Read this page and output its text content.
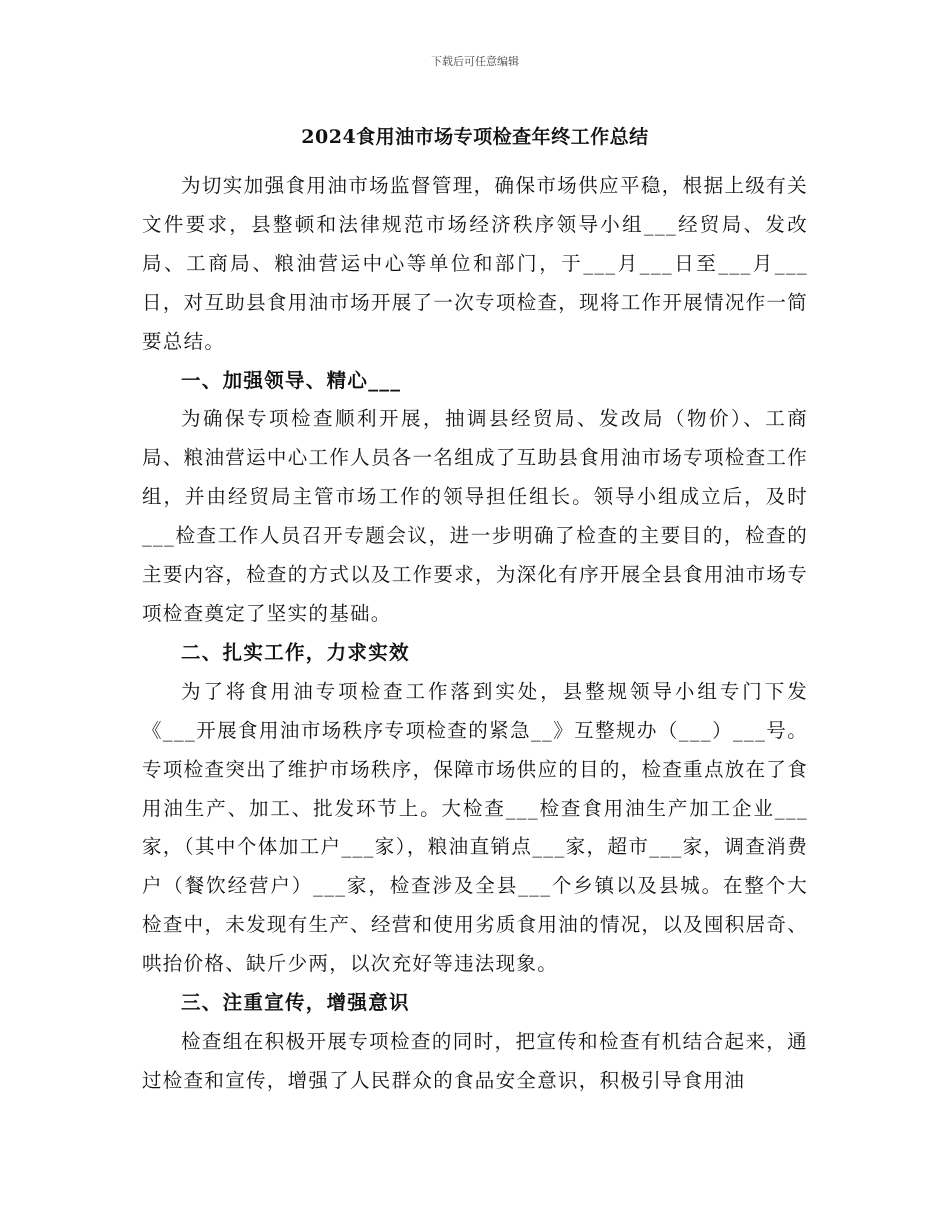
下载后可任意编辑
2024食用油市场专项检查年终工作总结

为切实加强食用油市场监督管理，确保市场供应平稳，根据上级有关文件要求，县整顿和法律规范市场经济秩序领导小组___经贸局、发改局、工商局、粮油营运中心等单位和部门，于___月___日至___月___日，对互助县食用油市场开展了一次专项检查，现将工作开展情况作一简要总结。

一、加强领导、精心___

为确保专项检查顺利开展，抽调县经贸局、发改局（物价）、工商局、粮油营运中心工作人员各一名组成了互助县食用油市场专项检查工作组，并由经贸局主管市场工作的领导担任组长。领导小组成立后，及时___检查工作人员召开专题会议，进一步明确了检查的主要目的，检查的主要内容，检查的方式以及工作要求，为深化有序开展全县食用油市场专项检查奠定了坚实的基础。

二、扎实工作，力求实效

为了将食用油专项检查工作落到实处，县整规领导小组专门下发《___开展食用油市场秩序专项检查的紧急__》互整规办（___）___号。专项检查突出了维护市场秩序，保障市场供应的目的，检查重点放在了食用油生产、加工、批发环节上。大检查___检查食用油生产加工企业___家，（其中个体加工户___家），粮油直销点___家，超市___家，调查消费户（餐饮经营户）___家，检查涉及全县___个乡镇以及县城。在整个大检查中，未发现有生产、经营和使用劣质食用油的情况，以及囤积居奇、哄抬价格、缺斤少两，以次充好等违法现象。

三、注重宣传，增强意识

检查组在积极开展专项检查的同时，把宣传和检查有机结合起来，通过检查和宣传，增强了人民群众的食品安全意识，积极引导食用油
